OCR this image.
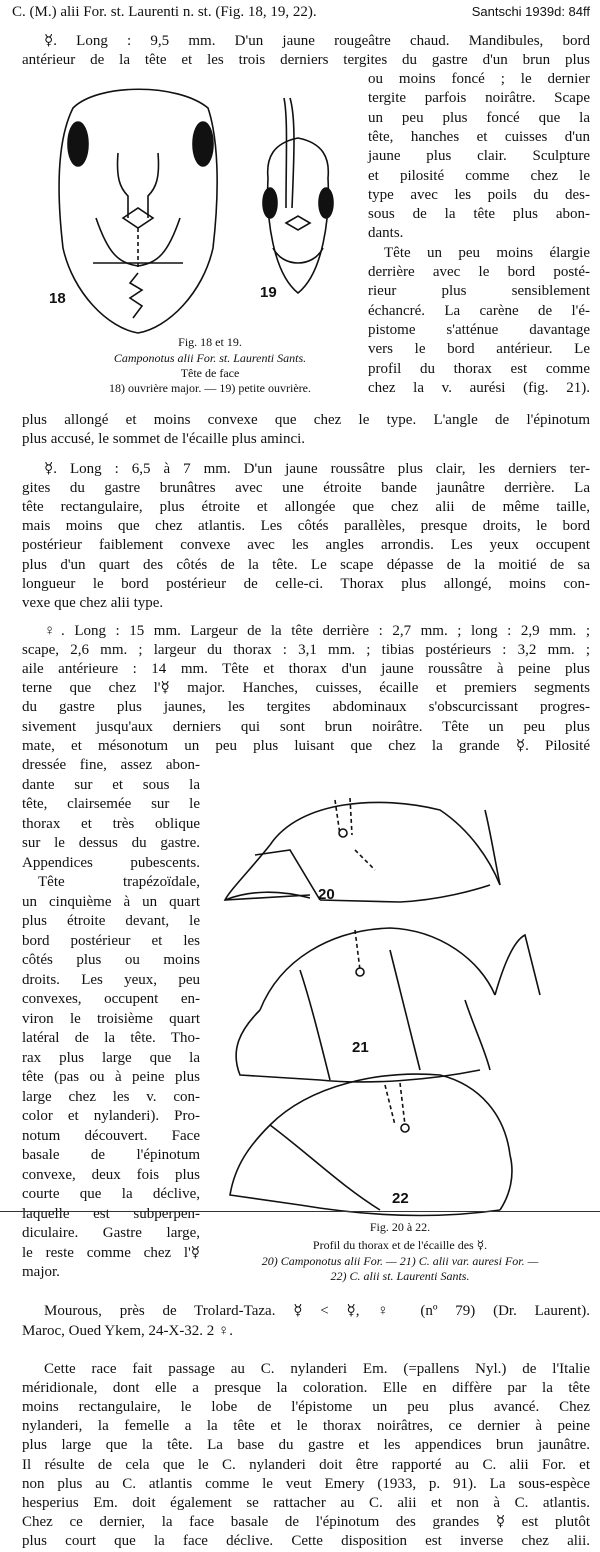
C. (M.) alii For. st. Laurenti n. st. (Fig. 18, 19, 22).	Santschi 1939d: 84ff
☿. Long : 9,5 mm. D'un jaune rougeâtre chaud. Mandibules, bord
antérieur de la tête et les trois derniers tergites du gastre d'un brun plus
ou moins foncé ; le dernier
tergite parfois noirâtre. Scape
un peu plus foncé que la
tête, hanches et cuisses d'un
jaune plus clair. Sculpture
et pilosité comme chez le
type avec les poils du des-
sous de la tête plus abon-
dants.
Tête un peu moins élargie
derrière avec le bord posté-
rieur plus sensiblement
échancré. La carène de l'é-
pistome s'atténue davantage
vers le bord antérieur. Le
profil du thorax est comme
chez la v. aurési (fig. 21).
plus allongé et moins convexe que chez le type. L'angle de l'épinotum
plus accusé, le sommet de l'écaille plus aminci.
18	19
Fig. 18 et 19.
Camponotus alii For. st. Laurenti Sants.
Tête de face
18) ouvrière major. — 19) petite ouvrière.
☿. Long : 6,5 à 7 mm. D'un jaune roussâtre plus clair, les derniers ter-
gites du gastre brunâtres avec une étroite bande jaunâtre derrière. La
tête rectangulaire, plus étroite et allongée que chez alii de même taille,
mais moins que chez atlantis. Les côtés parallèles, presque droits, le bord
postérieur faiblement convexe avec les angles arrondis. Les yeux occupent
plus d'un quart des côtés de la tête. Le scape dépasse de la moitié de sa
longueur le bord postérieur de celle-ci. Thorax plus allongé, moins con-
vexe que chez alii type.
♀. Long : 15 mm. Largeur de la tête derrière : 2,7 mm. ; long : 2,9 mm. ;
scape, 2,6 mm. ; largeur du thorax : 3,1 mm. ; tibias postérieurs : 3,2 mm. ;
aile antérieure : 14 mm. Tête et thorax d'un jaune roussâtre à peine plus
terne que chez l'☿ major. Hanches, cuisses, écaille et premiers segments
du gastre plus jaunes, les tergites abdominaux s'obscurcissant progres-
sivement jusqu'aux derniers qui sont brun noirâtre. Tête un peu plus
mate, et mésonotum un peu plus luisant que chez la grande ☿. Pilosité
dressée fine, assez abon-
dante sur et sous la
tête, clairsemée sur le
thorax et très oblique
sur le dessus du gastre.
Appendices pubescents.
Tête trapézoïdale,
un cinquième à un quart
plus étroite devant, le
bord postérieur et les
côtés plus ou moins
droits. Les yeux, peu
convexes, occupent en-
viron le troisième quart
latéral de la tête. Tho-
rax plus large que la
tête (pas ou à peine plus
large chez les v. con-
color et nylanderi). Pro-
notum découvert. Face
basale de l'épinotum
convexe, deux fois plus
courte que la déclive,
laquelle est subperpen-
diculaire. Gastre large,
le reste comme chez l'☿
major.
20
21
22
Fig. 20 à 22.
Profil du thorax et de l'écaille des ☿.
20) Camponotus alii For. — 21) C. alii var. auresi For. —
22) C. alii st. Laurenti Sants.
Mourous, près de Trolard-Taza. ☿ < ☿, ♀ (nº 79) (Dr. Laurent).
Maroc, Oued Ykem, 24-X-32. 2 ♀.
Cette race fait passage au C. nylanderi Em. (=pallens Nyl.) de l'Italie
méridionale, dont elle a presque la coloration. Elle en diffère par la tête
moins rectangulaire, le lobe de l'épistome un peu plus avancé. Chez
nylanderi, la femelle a la tête et le thorax noirâtres, ce dernier à peine
plus large que la tête. La base du gastre et les appendices brun jaunâtre.
Il résulte de cela que le C. nylanderi doit être rapporté au C. alii For. et
non plus au C. atlantis comme le veut Emery (1933, p. 91). La sous-espèce
hesperius Em. doit également se rattacher au C. alii et non à C. atlantis.
Chez ce dernier, la face basale de l'épinotum des grandes ☿ est plutôt
plus court que la face déclive. Cette disposition est inverse chez alii.
